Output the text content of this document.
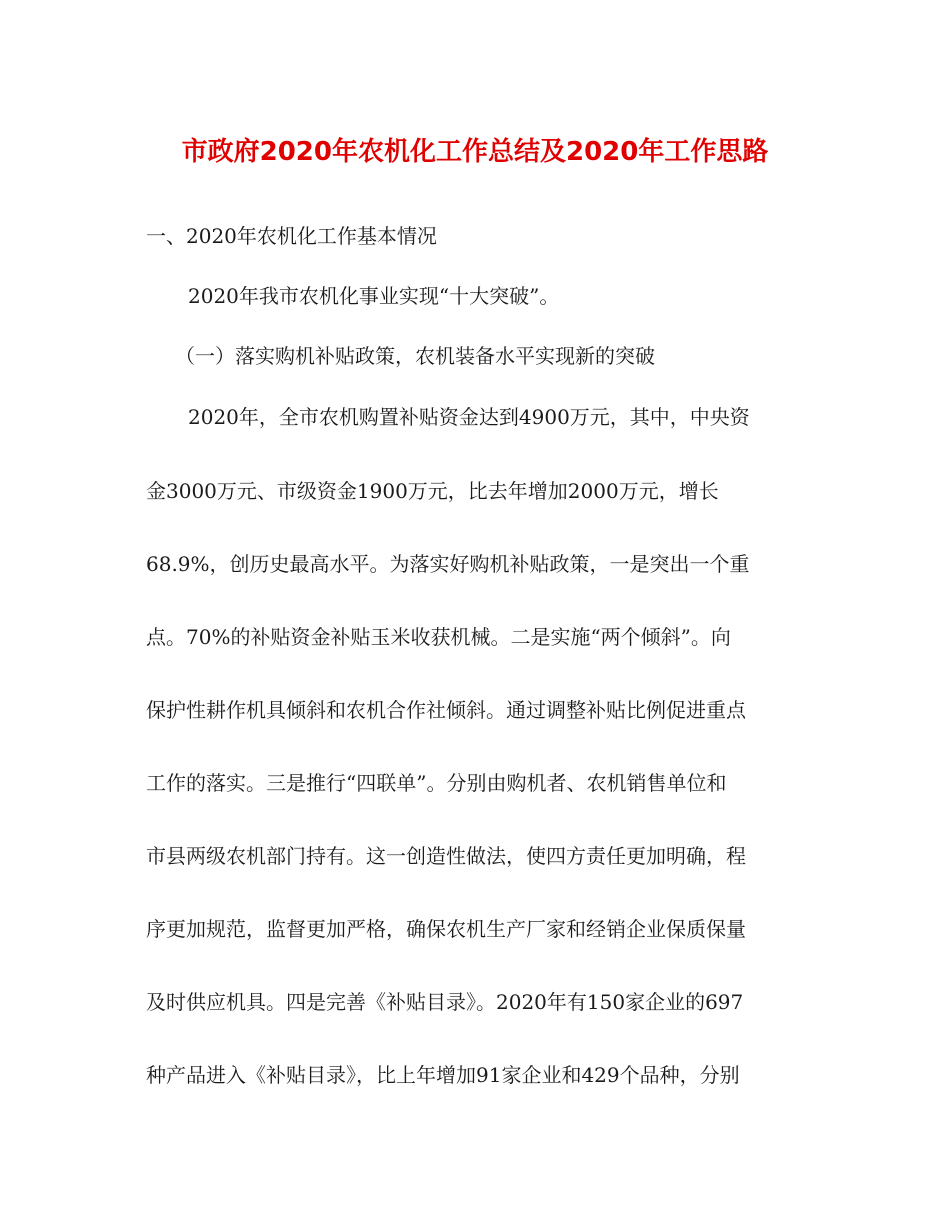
市政府2020年农机化工作总结及2020年工作思路
一、2020年农机化工作基本情况
2020年我市农机化事业实现“十大突破”。
（一）落实购机补贴政策，农机装备水平实现新的突破
2020年，全市农机购置补贴资金达到4900万元，其中，中央资
金3000万元、市级资金1900万元，比去年增加2000万元，增长
68.9%，创历史最高水平。为落实好购机补贴政策，一是突出一个重
点。70%的补贴资金补贴玉米收获机械。二是实施“两个倾斜”。向
保护性耕作机具倾斜和农机合作社倾斜。通过调整补贴比例促进重点
工作的落实。三是推行“四联单”。分别由购机者、农机销售单位和
市县两级农机部门持有。这一创造性做法，使四方责任更加明确，程
序更加规范，监督更加严格，确保农机生产厂家和经销企业保质保量
及时供应机具。四是完善《补贴目录》。2020年有150家企业的697
种产品进入《补贴目录》，比上年增加91家企业和429个品种，分别
